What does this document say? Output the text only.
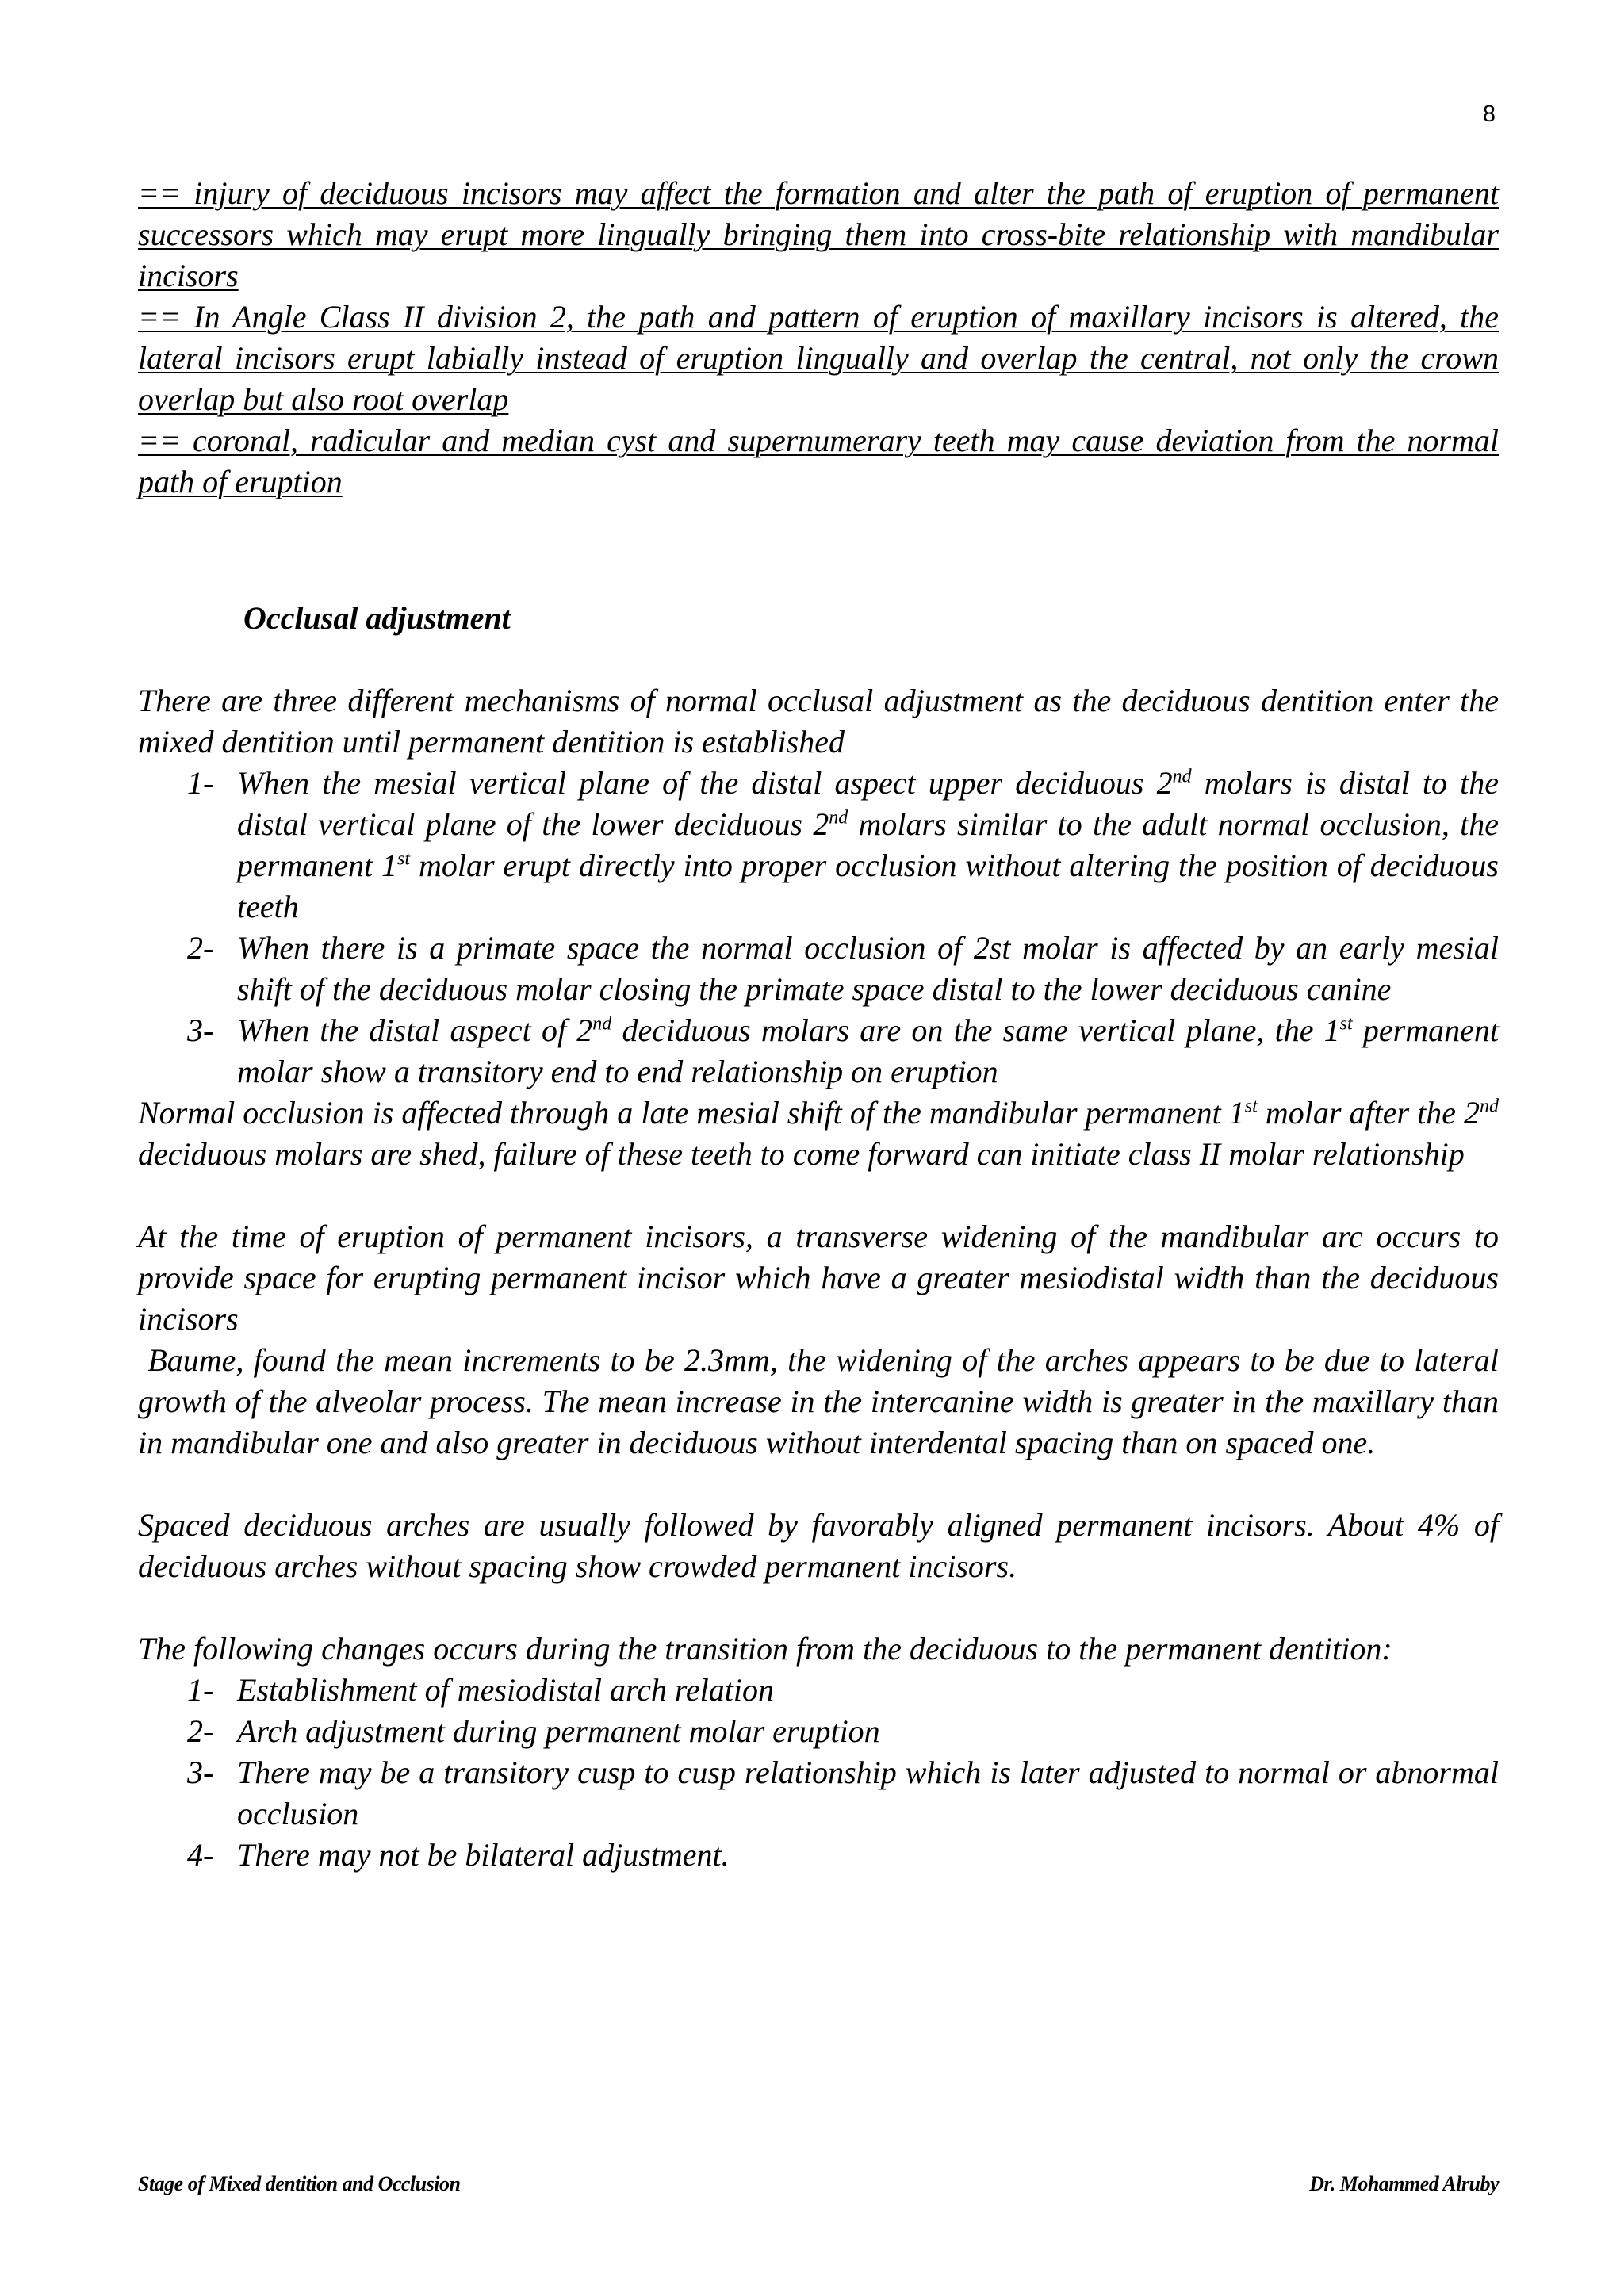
8

== injury of deciduous incisors may affect the formation and alter the path of eruption of permanent successors which may erupt more lingually bringing them into cross-bite relationship with mandibular incisors

== In Angle Class II division 2, the path and pattern of eruption of maxillary incisors is altered, the lateral incisors erupt labially instead of eruption lingually and overlap the central, not only the crown overlap but also root overlap

== coronal, radicular and median cyst and supernumerary teeth may cause deviation from the normal path of eruption

Occlusal adjustment

There are three different mechanisms of normal occlusal adjustment as the deciduous dentition enter the mixed dentition until permanent dentition is established

1- When the mesial vertical plane of the distal aspect upper deciduous 2nd molars is distal to the distal vertical plane of the lower deciduous 2nd molars similar to the adult normal occlusion, the permanent 1st molar erupt directly into proper occlusion without altering the position of deciduous teeth
2- When there is a primate space the normal occlusion of 2st molar is affected by an early mesial shift of the deciduous molar closing the primate space distal to the lower deciduous canine
3- When the distal aspect of 2nd deciduous molars are on the same vertical plane, the 1st permanent molar show a transitory end to end relationship on eruption

Normal occlusion is affected through a late mesial shift of the mandibular permanent 1st molar after the 2nd deciduous molars are shed, failure of these teeth to come forward can initiate class II molar relationship

At the time of eruption of permanent incisors, a transverse widening of the mandibular arc occurs to provide space for erupting permanent incisor which have a greater mesiodistal width than the deciduous incisors

Baume, found the mean increments to be 2.3mm, the widening of the arches appears to be due to lateral growth of the alveolar process. The mean increase in the intercanine width is greater in the maxillary than in mandibular one and also greater in deciduous without interdental spacing than on spaced one.

Spaced deciduous arches are usually followed by favorably aligned permanent incisors. About 4% of deciduous arches without spacing show crowded permanent incisors.

The following changes occurs during the transition from the deciduous to the permanent dentition:

1- Establishment of mesiodistal arch relation
2- Arch adjustment during permanent molar eruption
3- There may be a transitory cusp to cusp relationship which is later adjusted to normal or abnormal occlusion
4- There may not be bilateral adjustment.
Stage of Mixed dentition and Occlusion	Dr. Mohammed Alruby
